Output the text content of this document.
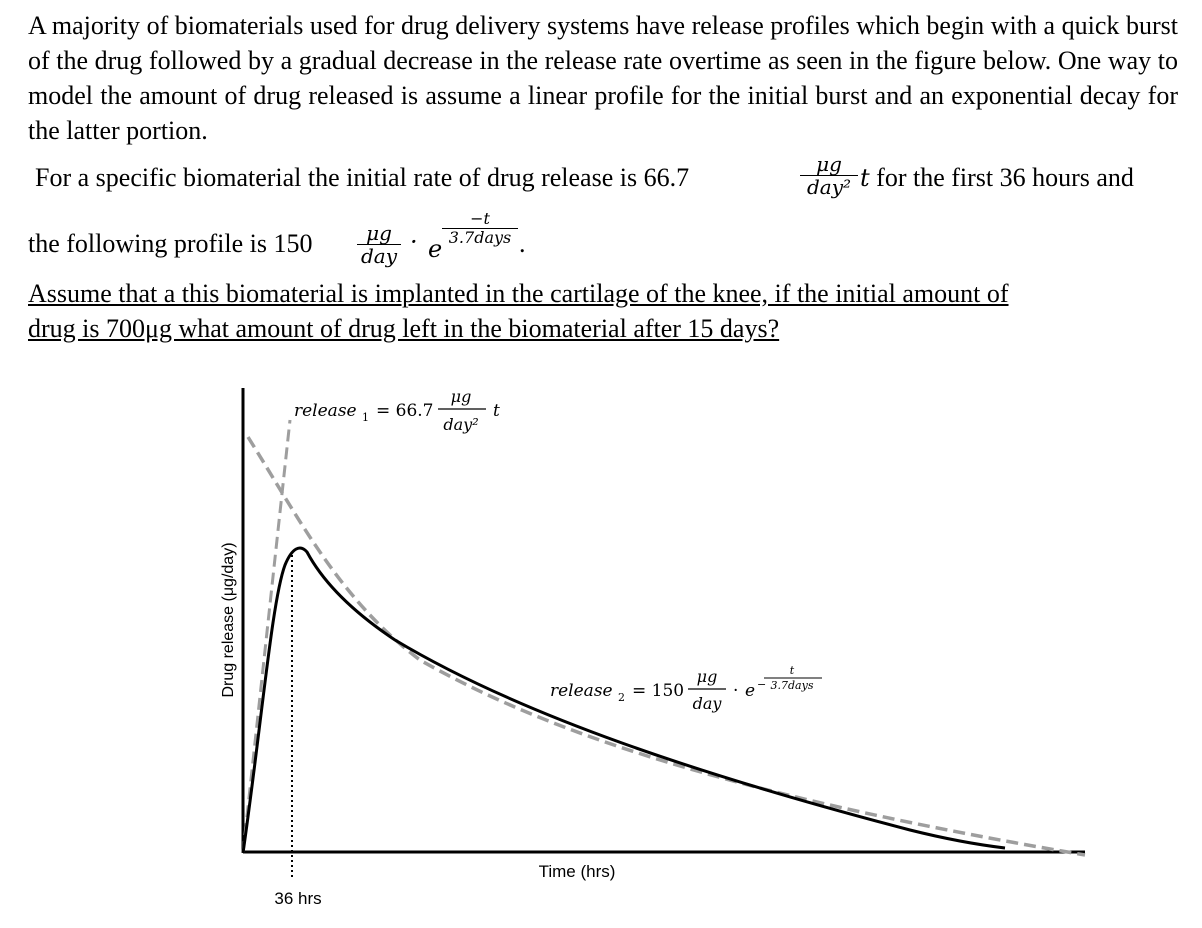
A majority of biomaterials used for drug delivery systems have release profiles which begin with a quick burst of the drug followed by a gradual decrease in the release rate overtime as seen in the figure below. One way to model the amount of drug released is assume a linear profile for the initial burst and an exponential decay for the latter portion.
For a specific biomaterial the initial rate of drug release is 66.7	μg
day² t for the first 36 hours and
the following profile is 150	μg
day · e
−t
3.7days .
Assume that a this biomaterial is implanted in the cartilage of the knee, if the initial amount of
drug is 700μg what amount of drug left in the biomaterial after 15 days?
Drug release (μg/day)
Time (hrs)
36 hrs
release 1 = 66.7
μg
day²
t
release 2 = 150
μg
day
· e −
t
3.7days
